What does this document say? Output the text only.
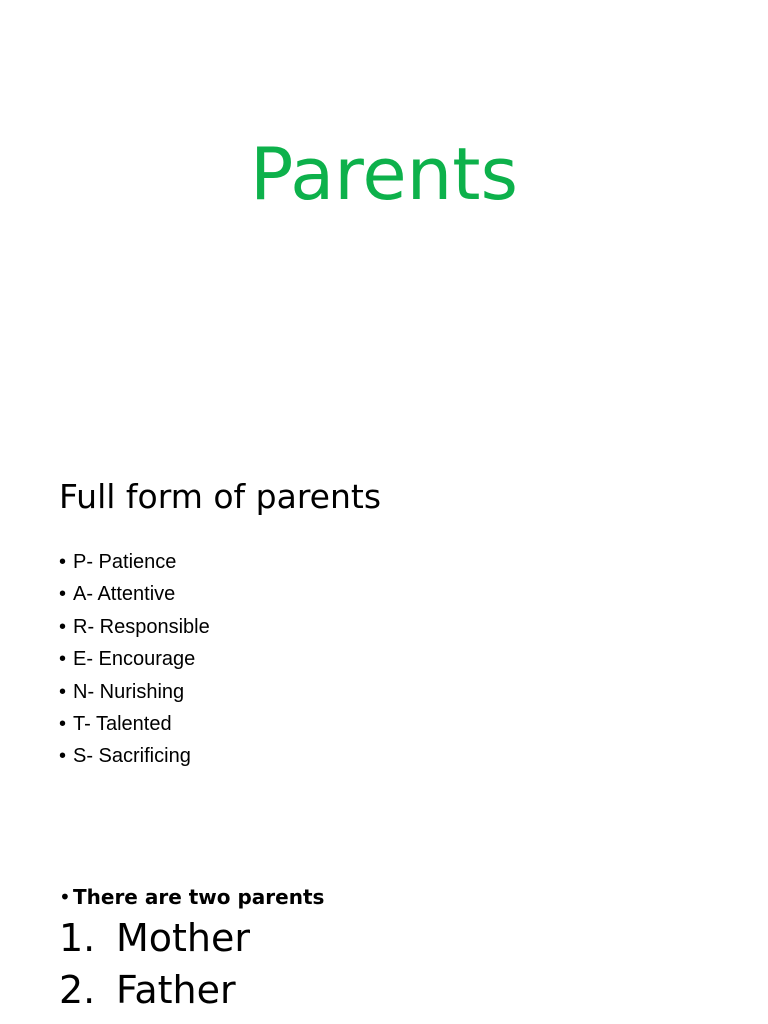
Parents
Full form of parents
• P- Patience
• A- Attentive
• R- Responsible
• E- Encourage
• N- Nurishing
• T- Talented
• S- Sacrificing

• There are two parents

1. Mother
2. Father
